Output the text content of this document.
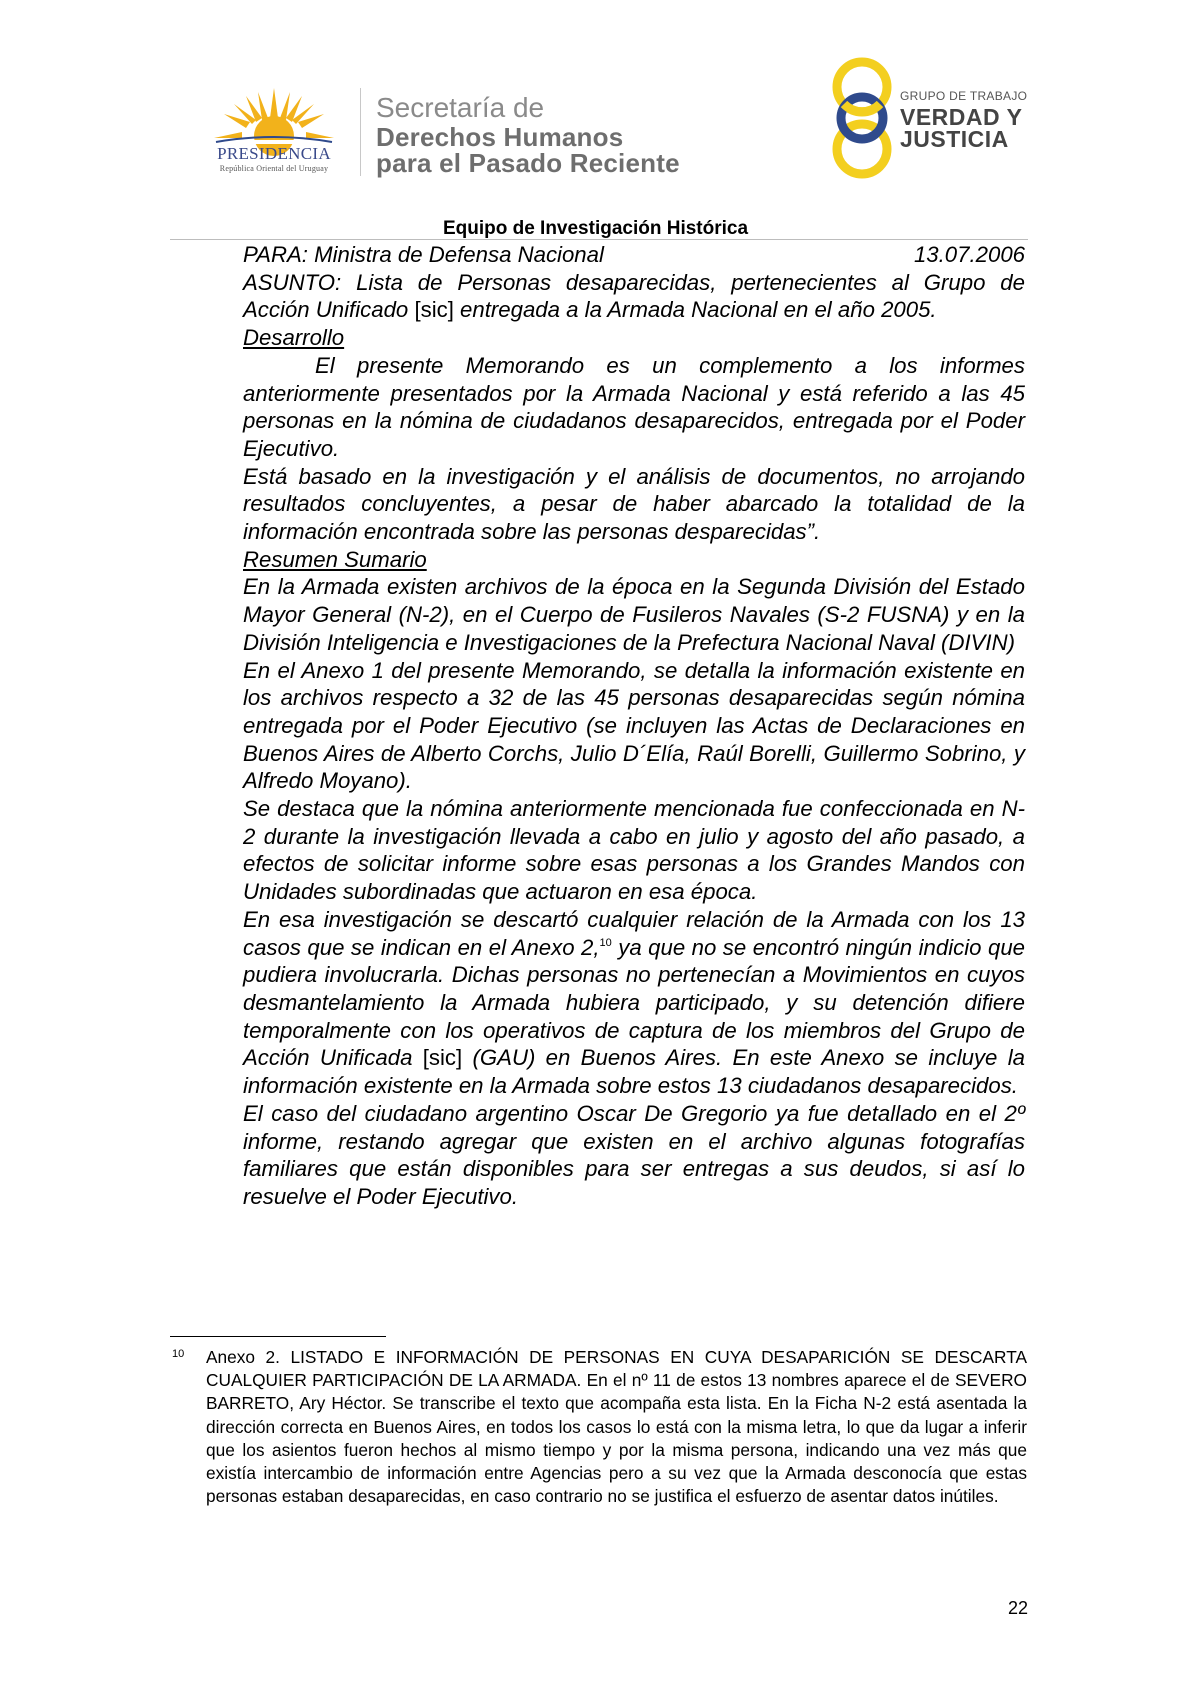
PRESIDENCIA
República Oriental del Uruguay
Secretaría de
Derechos Humanos
para el Pasado Reciente
GRUPO DE TRABAJO
VERDAD Y
JUSTICIA
Equipo de Investigación Histórica

PARA: Ministra de Defensa Nacional	13.07.2006

ASUNTO: Lista de Personas desaparecidas, pertenecientes al Grupo de Acción Unificado [sic] entregada a la Armada Nacional en el año 2005.

Desarrollo

El presente Memorando es un complemento a los informes anteriormente presentados por la Armada Nacional y está referido a las 45 personas en la nómina de ciudadanos desaparecidos, entregada por el Poder Ejecutivo.

Está basado en la investigación y el análisis de documentos, no arrojando resultados concluyentes, a pesar de haber abarcado la totalidad de la información encontrada sobre las personas desparecidas”.

Resumen Sumario

En la Armada existen archivos de la época en la Segunda División del Estado Mayor General (N-2), en el Cuerpo de Fusileros Navales (S-2 FUSNA) y en la División Inteligencia e Investigaciones de la Prefectura Nacional Naval (DIVIN)

En el Anexo 1 del presente Memorando, se detalla la información existente en los archivos respecto a 32 de las 45 personas desaparecidas según nómina entregada por el Poder Ejecutivo (se incluyen las Actas de Declaraciones en Buenos Aires de Alberto Corchs, Julio D´Elía, Raúl Borelli, Guillermo Sobrino, y Alfredo Moyano).

Se destaca que la nómina anteriormente mencionada fue confeccionada en N-2 durante la investigación llevada a cabo en julio y agosto del año pasado, a efectos de solicitar informe sobre esas personas a los Grandes Mandos con Unidades subordinadas que actuaron en esa época.

En esa investigación se descartó cualquier relación de la Armada con los 13 casos que se indican en el Anexo 2,10 ya que no se encontró ningún indicio que pudiera involucrarla. Dichas personas no pertenecían a Movimientos en cuyos desmantelamiento la Armada hubiera participado, y su detención difiere temporalmente con los operativos de captura de los miembros del Grupo de Acción Unificada [sic] (GAU) en Buenos Aires. En este Anexo se incluye la información existente en la Armada sobre estos 13 ciudadanos desaparecidos.

El caso del ciudadano argentino Oscar De Gregorio ya fue detallado en el 2º informe, restando agregar que existen en el archivo algunas fotografías familiares que están disponibles para ser entregas a sus deudos, si así lo resuelve el Poder Ejecutivo.

10 Anexo 2. LISTADO E INFORMACIÓN DE PERSONAS EN CUYA DESAPARICIÓN SE DESCARTA CUALQUIER PARTICIPACIÓN DE LA ARMADA. En el nº 11 de estos 13 nombres aparece el de SEVERO BARRETO, Ary Héctor. Se transcribe el texto que acompaña esta lista. En la Ficha N-2 está asentada la dirección correcta en Buenos Aires, en todos los casos lo está con la misma letra, lo que da lugar a inferir que los asientos fueron hechos al mismo tiempo y por la misma persona, indicando una vez más que existía intercambio de información entre Agencias pero a su vez que la Armada desconocía que estas personas estaban desaparecidas, en caso contrario no se justifica el esfuerzo de asentar datos inútiles.
22
